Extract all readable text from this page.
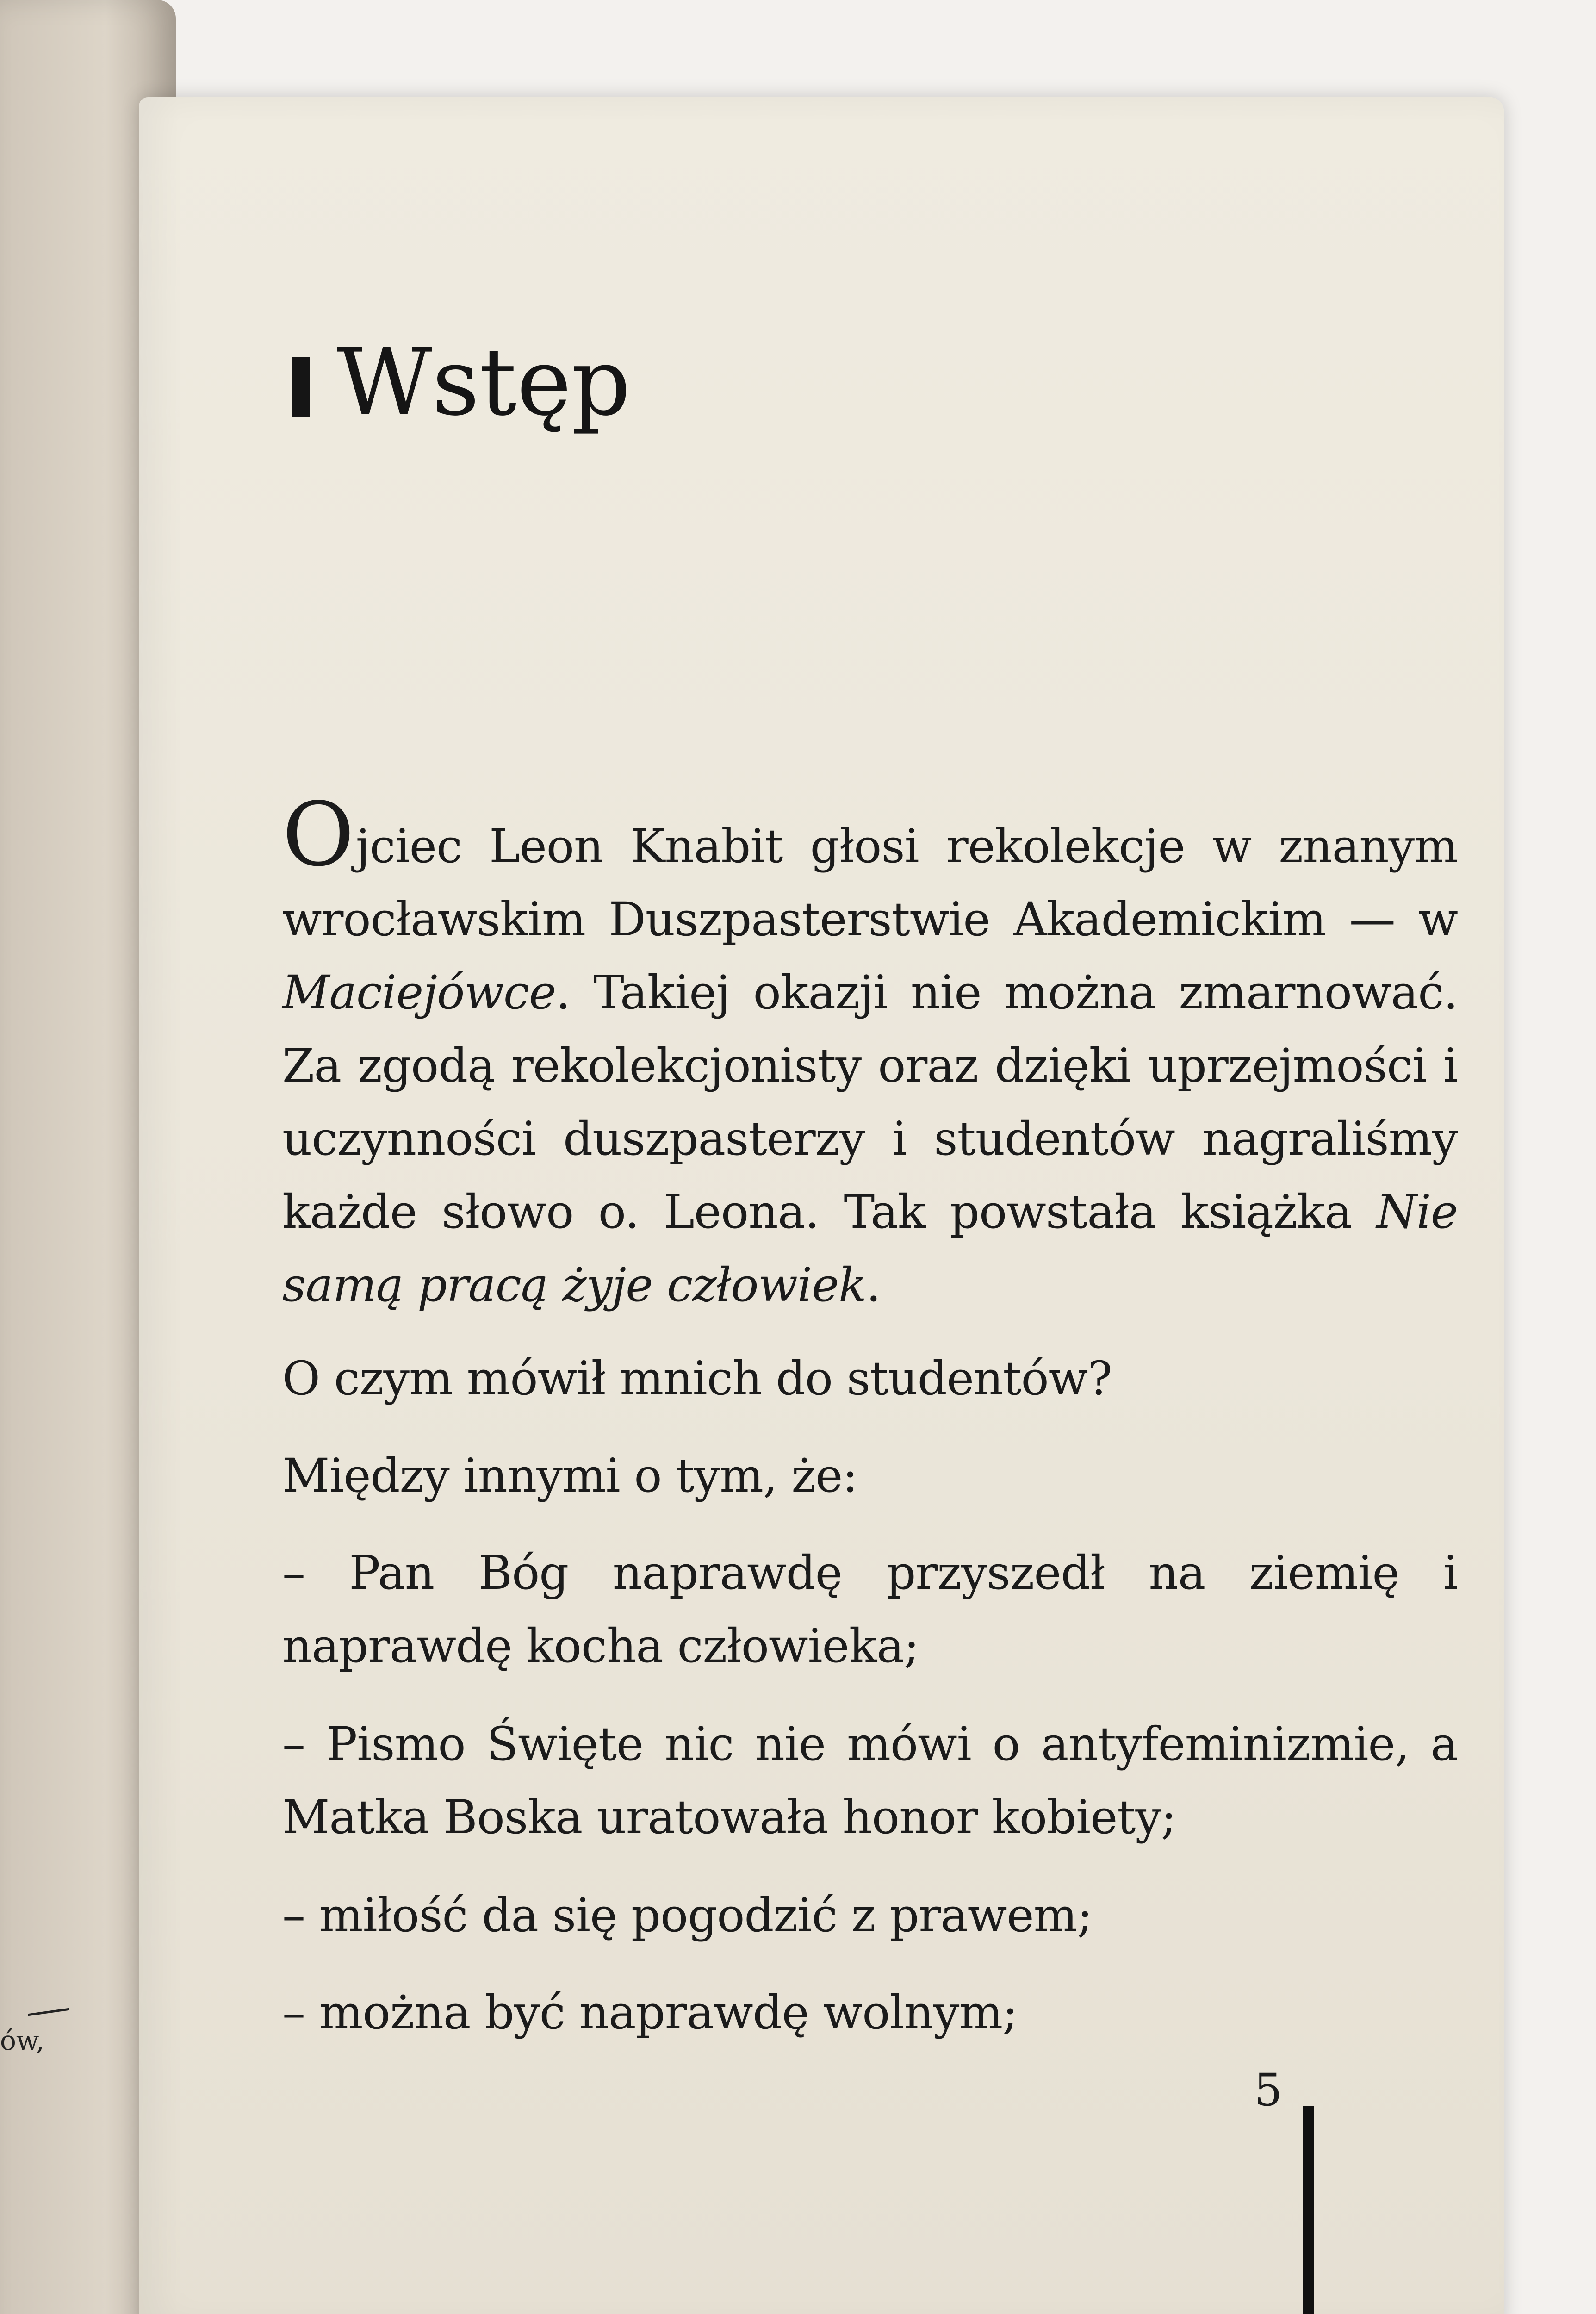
ów,
Wstęp
Ojciec Leon Knabit głosi rekolekcje w znanym wrocławskim Duszpasterstwie Akademickim — w Maciejówce. Takiej okazji nie można zmarnować. Za zgodą rekolekcjonisty oraz dzięki uprzejmości i uczynności duszpasterzy i studentów nagraliśmy każde słowo o. Leona. Tak powstała książka Nie samą pracą żyje człowiek.
O czym mówił mnich do studentów?
Między innymi o tym, że:
– Pan Bóg naprawdę przyszedł na ziemię i naprawdę kocha człowieka;
– Pismo Święte nic nie mówi o antyfeminizmie, a Matka Boska uratowała honor kobiety;
– miłość da się pogodzić z prawem;
– można być naprawdę wolnym;
5
